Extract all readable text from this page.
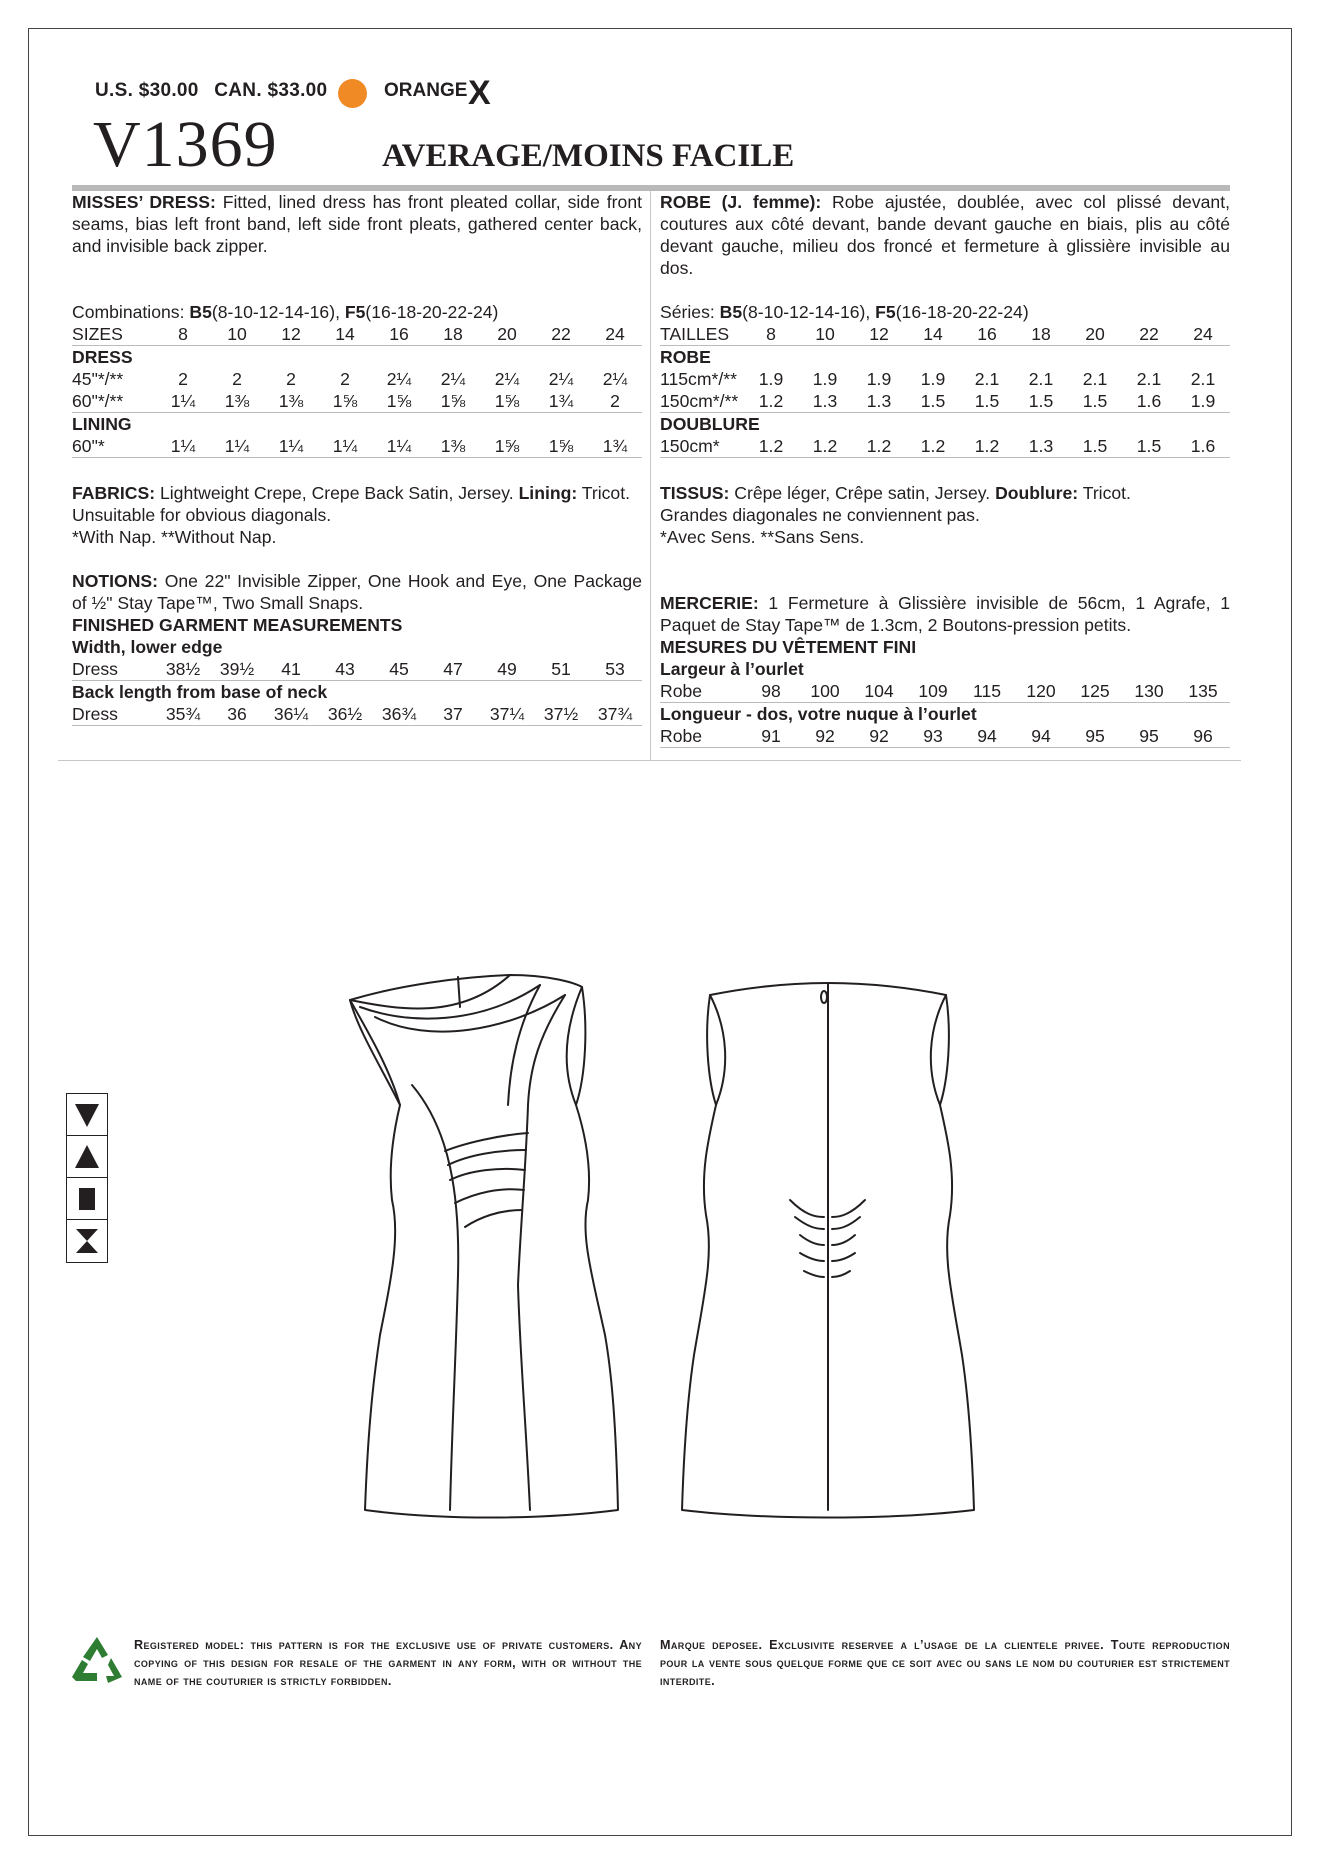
U.S. $30.00 CAN. $33.00	ORANGE X
V1369	AVERAGE/MOINS FACILE

MISSES’ DRESS: Fitted, lined dress has front pleated collar, side front seams, bias left front band, left side front pleats, gathered center back, and invisible back zipper.

Combinations: B5(8-10-12-14-16), F5(16-18-20-22-24)

SIZES	8	10	12	14	16	18	20	22	24
DRESS									
45"*/**	2	2	2	2	2¼	2¼	2¼	2¼	2¼
60"*/**	1¼	1⅜	1⅜	1⅝	1⅝	1⅝	1⅝	1¾	2
LINING									
60"*	1¼	1¼	1¼	1¼	1¼	1⅜	1⅝	1⅝	1¾

FABRICS: Lightweight Crepe, Crepe Back Satin, Jersey. Lining: Tricot.

Unsuitable for obvious diagonals.

*With Nap. **Without Nap.

NOTIONS: One 22" Invisible Zipper, One Hook and Eye, One Package of ½" Stay Tape™, Two Small Snaps.

FINISHED GARMENT MEASUREMENTS

Width, lower edge

Dress	38½	39½	41	43	45	47	49	51	53

Back length from base of neck

Dress	35¾	36	36¼	36½	36¾	37	37¼	37½	37¾

ROBE (J. femme): Robe ajustée, doublée, avec col plissé devant, coutures aux côté devant, bande devant gauche en biais, plis au côté devant gauche, milieu dos froncé et fermeture à glissière invisible au dos.

Séries: B5(8-10-12-14-16), F5(16-18-20-22-24)

TAILLES	8	10	12	14	16	18	20	22	24
ROBE									
115cm*/**	1.9	1.9	1.9	1.9	2.1	2.1	2.1	2.1	2.1
150cm*/**	1.2	1.3	1.3	1.5	1.5	1.5	1.5	1.6	1.9
DOUBLURE									
150cm*	1.2	1.2	1.2	1.2	1.2	1.3	1.5	1.5	1.6

TISSUS: Crêpe léger, Crêpe satin, Jersey. Doublure: Tricot.

Grandes diagonales ne conviennent pas.

*Avec Sens. **Sans Sens.

MERCERIE: 1 Fermeture à Glissière invisible de 56cm, 1 Agrafe, 1 Paquet de Stay Tape™ de 1.3cm, 2 Boutons-pression petits.

MESURES DU VÊTEMENT FINI

Largeur à l’ourlet

Robe	98	100	104	109	115	120	125	130	135

Longueur - dos, votre nuque à l’ourlet

Robe	91	92	92	93	94	94	95	95	96
Registered model: this pattern is for the exclusive use of private customers. Any copying of this design for resale of the garment in any form, with or without the name of the couturier is strictly forbidden.
Marque deposee. Exclusivite reservee a l’usage de la clientele privee. Toute reproduction pour la vente sous quelque forme que ce soit avec ou sans le nom du couturier est strictement interdite.
